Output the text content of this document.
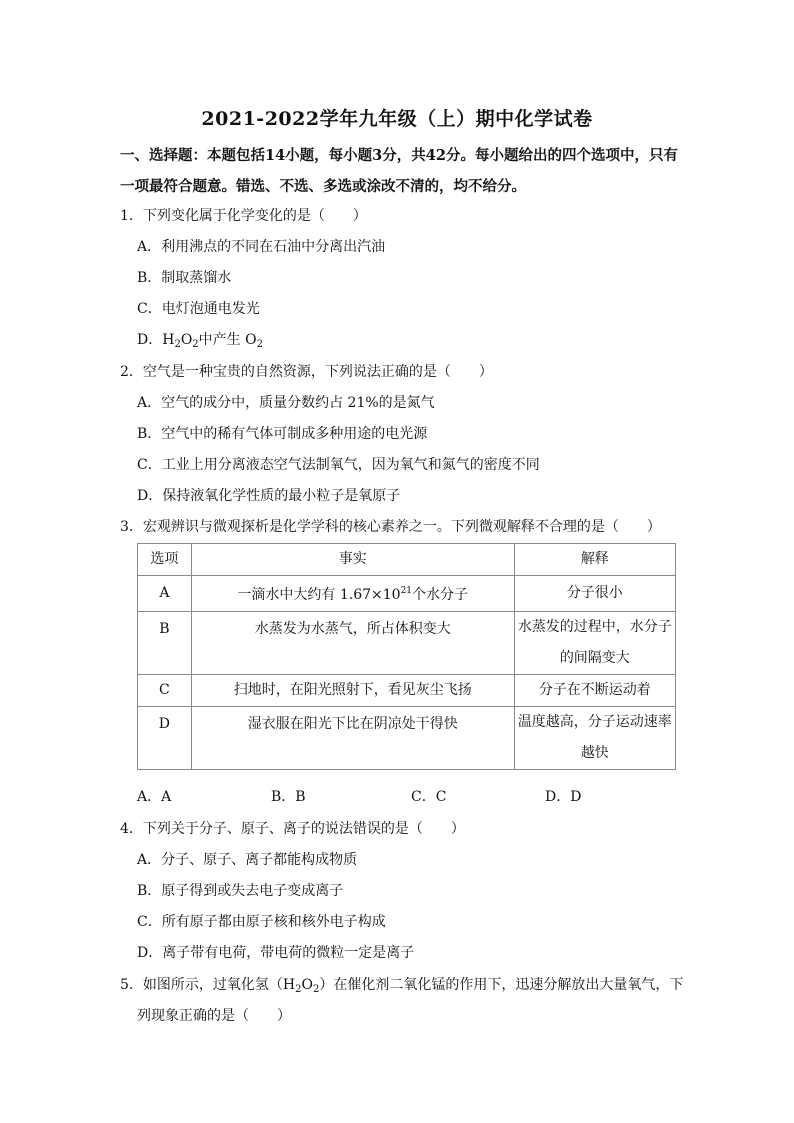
2021-2022学年九年级（上）期中化学试卷
一、选择题：本题包括14小题，每小题3分，共42分。每小题给出的四个选项中，只有
一项最符合题意。错选、不选、多选或涂改不清的，均不给分。
1．下列变化属于化学变化的是（　　）
A．利用沸点的不同在石油中分离出汽油
B．制取蒸馏水
C．电灯泡通电发光
D．$H_2O_2$中产生 $O_2$
2．空气是一种宝贵的自然资源，下列说法正确的是（　　）
A．空气的成分中，质量分数约占 21%的是氮气
B．空气中的稀有气体可制成多种用途的电光源
C．工业上用分离液态空气法制氧气，因为氧气和氮气的密度不同
D．保持液氧化学性质的最小粒子是氧原子
3．宏观辨识与微观探析是化学学科的核心素养之一。下列微观解释不合理的是（　　）
选项	事实	解释
A	一滴水中大约有 $1.67\times 10^{21}$个水分子	分子很小
B	水蒸发为水蒸气，所占体积变大	水蒸发的过程中，水分子
的间隔变大

C	扫地时，在阳光照射下，看见灰尘飞扬	分子在不断运动着
D	湿衣服在阳光下比在阴凉处干得快	温度越高，分子运动速率
越快
A．A	B．B	C．C	D．D
4．下列关于分子、原子、离子的说法错误的是（　　）
A．分子、原子、离子都能构成物质
B．原子得到或失去电子变成离子
C．所有原子都由原子核和核外电子构成
D．离子带有电荷，带电荷的微粒一定是离子
5．如图所示，过氧化氢$(H_2O_2)$在催化剂二氧化锰的作用下，迅速分解放出大量氧气，下
列现象正确的是（　　）
